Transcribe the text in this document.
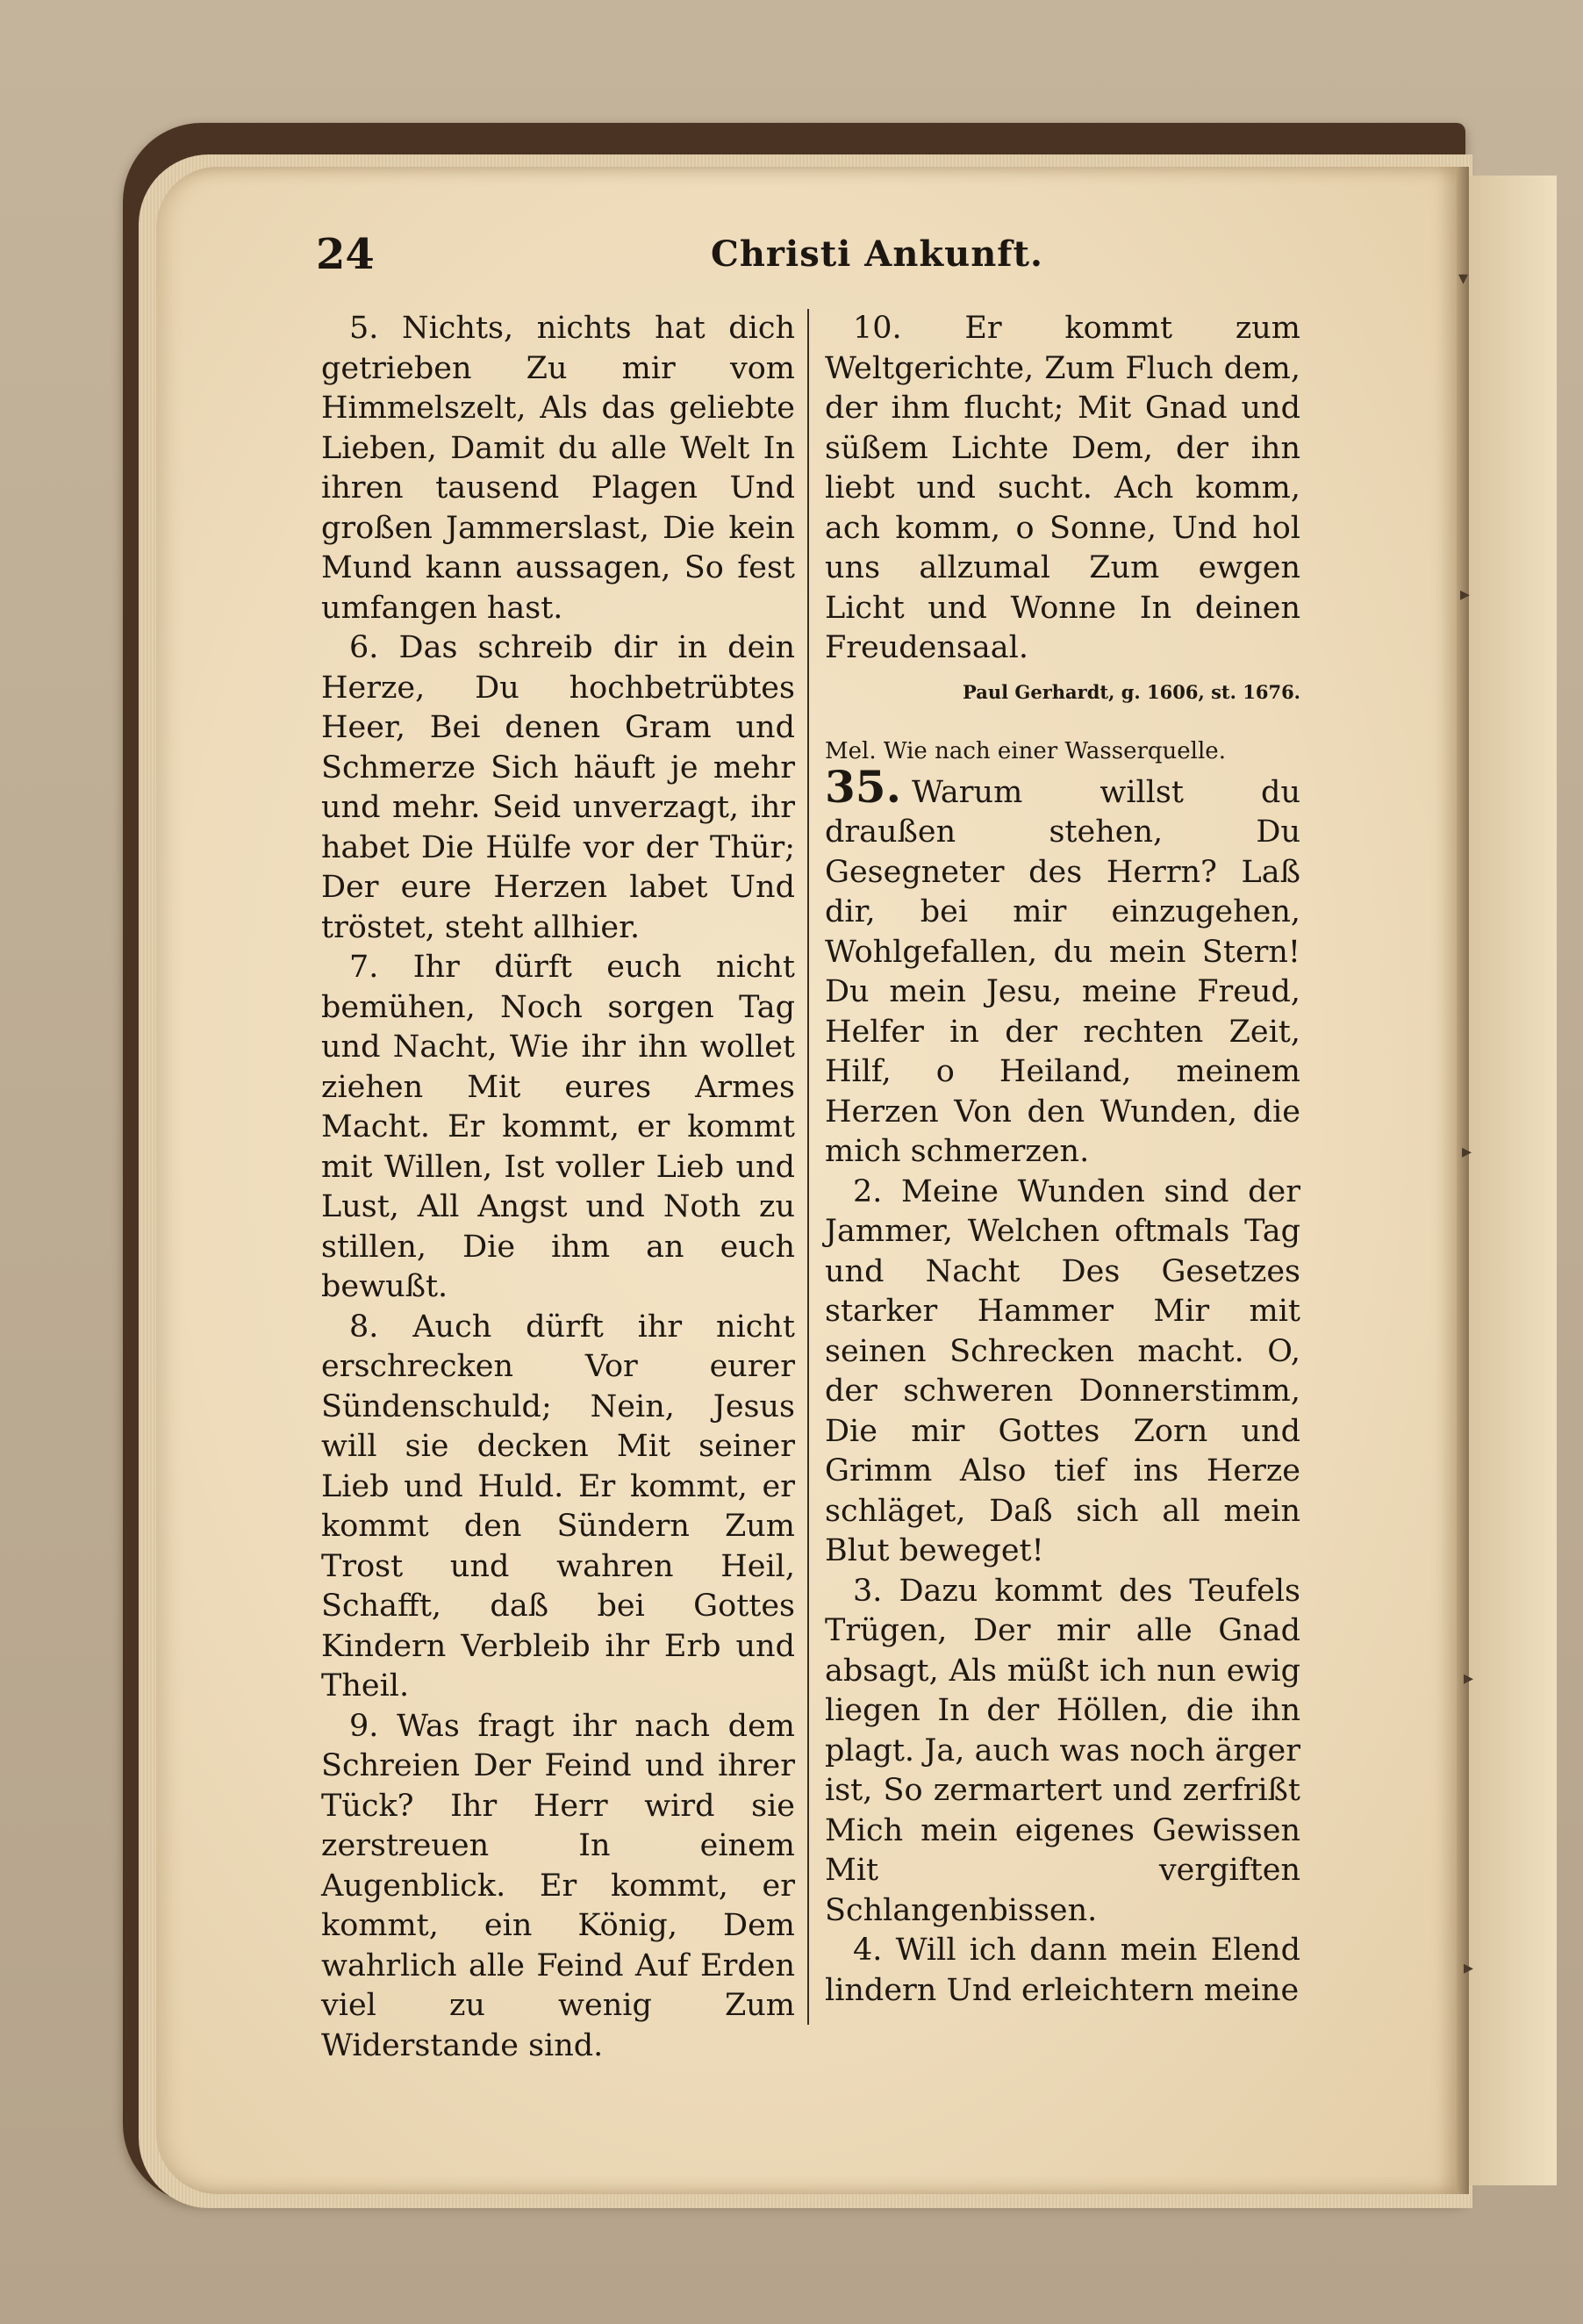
▾
▸
▸
▸
▸
24	Christi Ankunft.

5. Nichts, nichts hat dich getrieben Zu mir vom Himmelszelt, Als das geliebte Lieben, Damit du alle Welt In ihren tausend Plagen Und großen Jammerslast, Die kein Mund kann aussagen, So fest umfangen hast.

6. Das schreib dir in dein Herze, Du hochbetrübtes Heer, Bei denen Gram und Schmerze Sich häuft je mehr und mehr. Seid unverzagt, ihr habet Die Hülfe vor der Thür; Der eure Herzen labet Und tröstet, steht allhier.

7. Ihr dürft euch nicht bemühen, Noch sorgen Tag und Nacht, Wie ihr ihn wollet ziehen Mit eures Armes Macht. Er kommt, er kommt mit Willen, Ist voller Lieb und Lust, All Angst und Noth zu stillen, Die ihm an euch bewußt.

8. Auch dürft ihr nicht erschrecken Vor eurer Sündenschuld; Nein, Jesus will sie decken Mit seiner Lieb und Huld. Er kommt, er kommt den Sündern Zum Trost und wahren Heil, Schafft, daß bei Gottes Kindern Verbleib ihr Erb und Theil.

9. Was fragt ihr nach dem Schreien Der Feind und ihrer Tück? Ihr Herr wird sie zerstreuen In einem Augenblick. Er kommt, er kommt, ein König, Dem wahrlich alle Feind Auf Erden viel zu wenig Zum Widerstande sind.

10. Er kommt zum Weltgerichte, Zum Fluch dem, der ihm flucht; Mit Gnad und süßem Lichte Dem, der ihn liebt und sucht. Ach komm, ach komm, o Sonne, Und hol uns allzumal Zum ewgen Licht und Wonne In deinen Freudensaal.

Paul Gerhardt, g. 1606, st. 1676.
Mel. Wie nach einer Wasserquelle.

35. Warum	willst du draußen stehen, Du Gesegneter des Herrn? Laß dir, bei mir einzugehen, Wohlgefallen, du mein Stern! Du mein Jesu, meine Freud, Helfer in der rechten Zeit, Hilf, o Heiland, meinem Herzen Von den Wunden, die mich schmerzen.

2. Meine Wunden sind der Jammer, Welchen oftmals Tag und Nacht Des Gesetzes starker Hammer Mir mit seinen Schrecken macht. O, der schweren Donnerstimm, Die mir Gottes Zorn und Grimm Also tief ins Herze schläget, Daß sich all mein Blut beweget!

3. Dazu kommt des Teufels Trügen, Der mir alle Gnad absagt, Als müßt ich nun ewig liegen In der Höllen, die ihn plagt. Ja, auch was noch ärger ist, So zermartert und zerfrißt Mich mein eigenes Gewissen Mit vergiften Schlangenbissen.

4. Will ich dann mein Elend lindern Und erleichtern meine
